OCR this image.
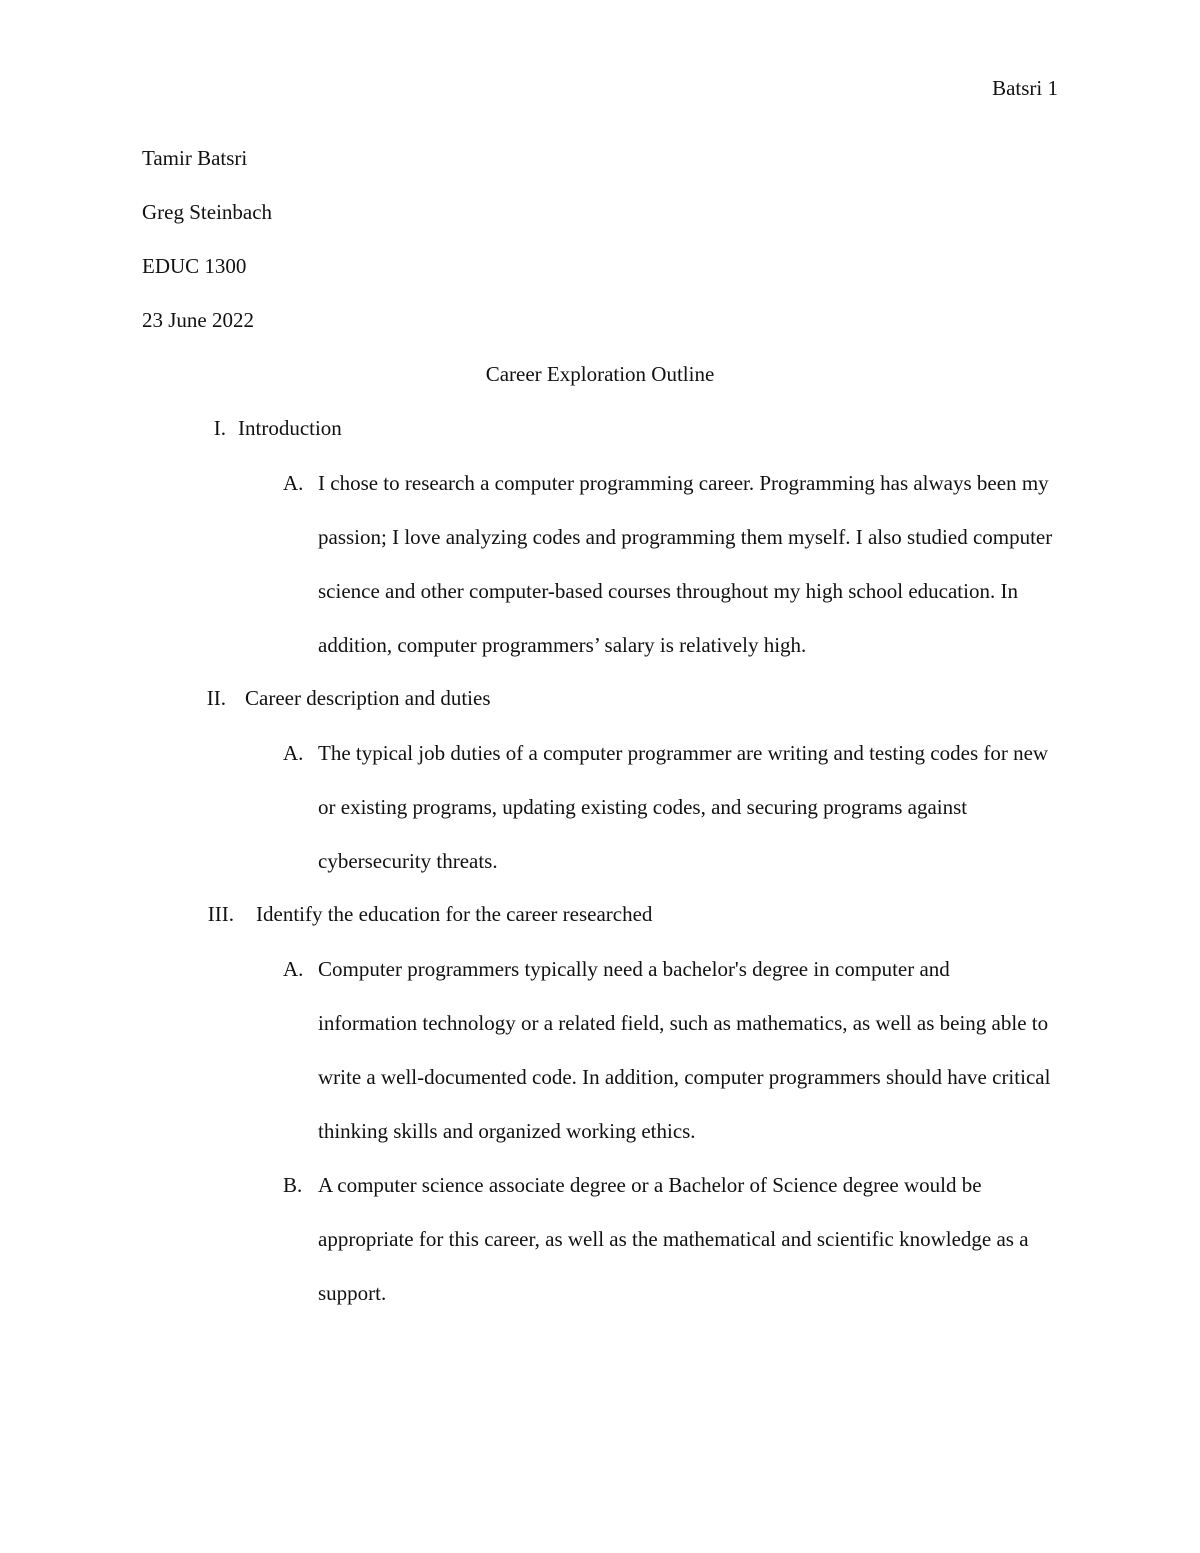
Batsri 1
Tamir Batsri
Greg Steinbach
EDUC 1300
23 June 2022
Career Exploration Outline
I. Introduction
A. I chose to research a computer programming career. Programming has always been my
passion; I love analyzing codes and programming them myself. I also studied computer
science and other computer-based courses throughout my high school education. In
addition, computer programmers’ salary is relatively high.
II. Career description and duties
A. The typical job duties of a computer programmer are writing and testing codes for new
or existing programs, updating existing codes, and securing programs against
cybersecurity threats.
III. Identify the education for the career researched
A. Computer programmers typically need a bachelor's degree in computer and
information technology or a related field, such as mathematics, as well as being able to
write a well-documented code. In addition, computer programmers should have critical
thinking skills and organized working ethics.
B. A computer science associate degree or a Bachelor of Science degree would be
appropriate for this career, as well as the mathematical and scientific knowledge as a
support.
